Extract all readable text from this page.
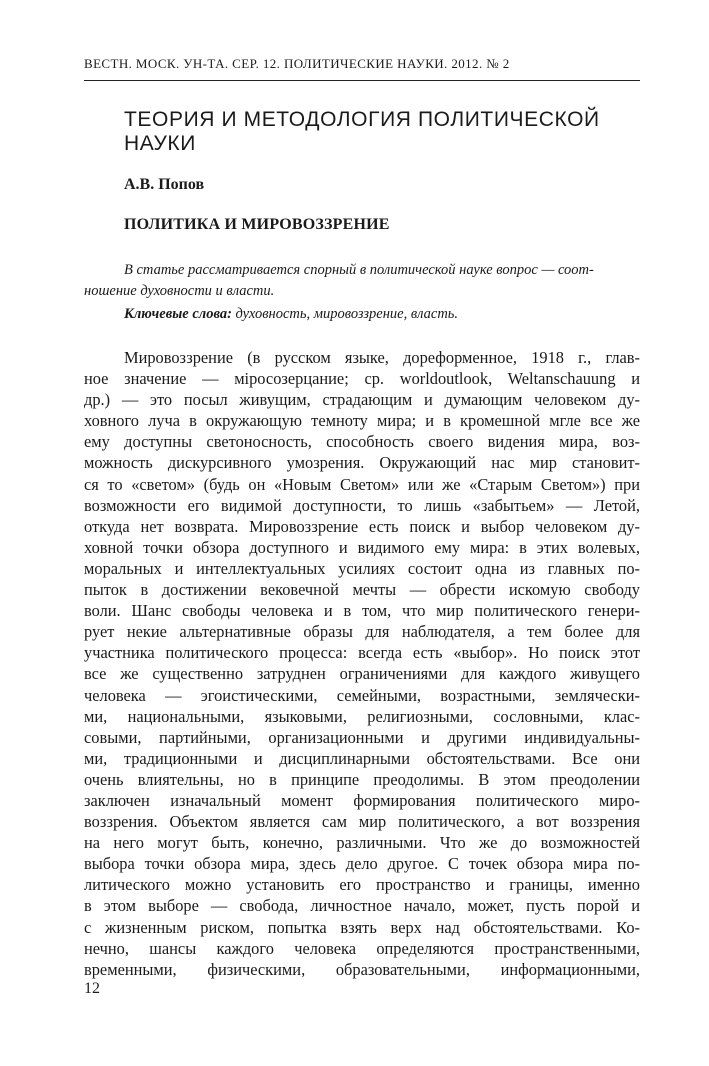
ВЕСТН. МОСК. УН-ТА. СЕР. 12. ПОЛИТИЧЕСКИЕ НАУКИ. 2012. № 2
ТЕОРИЯ И МЕТОДОЛОГИЯ ПОЛИТИЧЕСКОЙ НАУКИ
А.В. Попов
ПОЛИТИКА И МИРОВОЗЗРЕНИЕ
В статье рассматривается спорный в политической науке вопрос — соот-
ношение духовности и власти.
Ключевые слова: духовность, мировоззрение, власть.
Мировоззрение (в русском языке, дореформенное, 1918 г., глав-
ное значение — міросозерцание; ср. worldoutlook, Weltanschauung и
др.) — это посыл живущим, страдающим и думающим человеком ду-
ховного луча в окружающую темноту мира; и в кромешной мгле все же
ему доступны светоносность, способность своего видения мира, воз-
можность дискурсивного умозрения. Окружающий нас мир становит-
ся то «светом» (будь он «Новым Светом» или же «Старым Светом») при
возможности его видимой доступности, то лишь «забытьем» — Летой,
откуда нет возврата. Мировоззрение есть поиск и выбор человеком ду-
ховной точки обзора доступного и видимого ему мира: в этих волевых,
моральных и интеллектуальных усилиях состоит одна из главных по-
пыток в достижении вековечной мечты — обрести искомую свободу
воли. Шанс свободы человека и в том, что мир политического генери-
рует некие альтернативные образы для наблюдателя, а тем более для
участника политического процесса: всегда есть «выбор». Но поиск этот
все же существенно затруднен ограничениями для каждого живущего
человека — эгоистическими, семейными, возрастными, землячески-
ми, национальными, языковыми, религиозными, сословными, клас-
совыми, партийными, организационными и другими индивидуальны-
ми, традиционными и дисциплинарными обстоятельствами. Все они
очень влиятельны, но в принципе преодолимы. В этом преодолении
заключен изначальный момент формирования политического миро-
воззрения. Объектом является сам мир политического, а вот воззрения
на него могут быть, конечно, различными. Что же до возможностей
выбора точки обзора мира, здесь дело другое. С точек обзора мира по-
литического можно установить его пространство и границы, именно
в этом выборе — свобода, личностное начало, может, пусть порой и
с жизненным риском, попытка взять верх над обстоятельствами. Ко-
нечно, шансы каждого человека определяются пространственными,
временными, физическими, образовательными, информационными,
12
